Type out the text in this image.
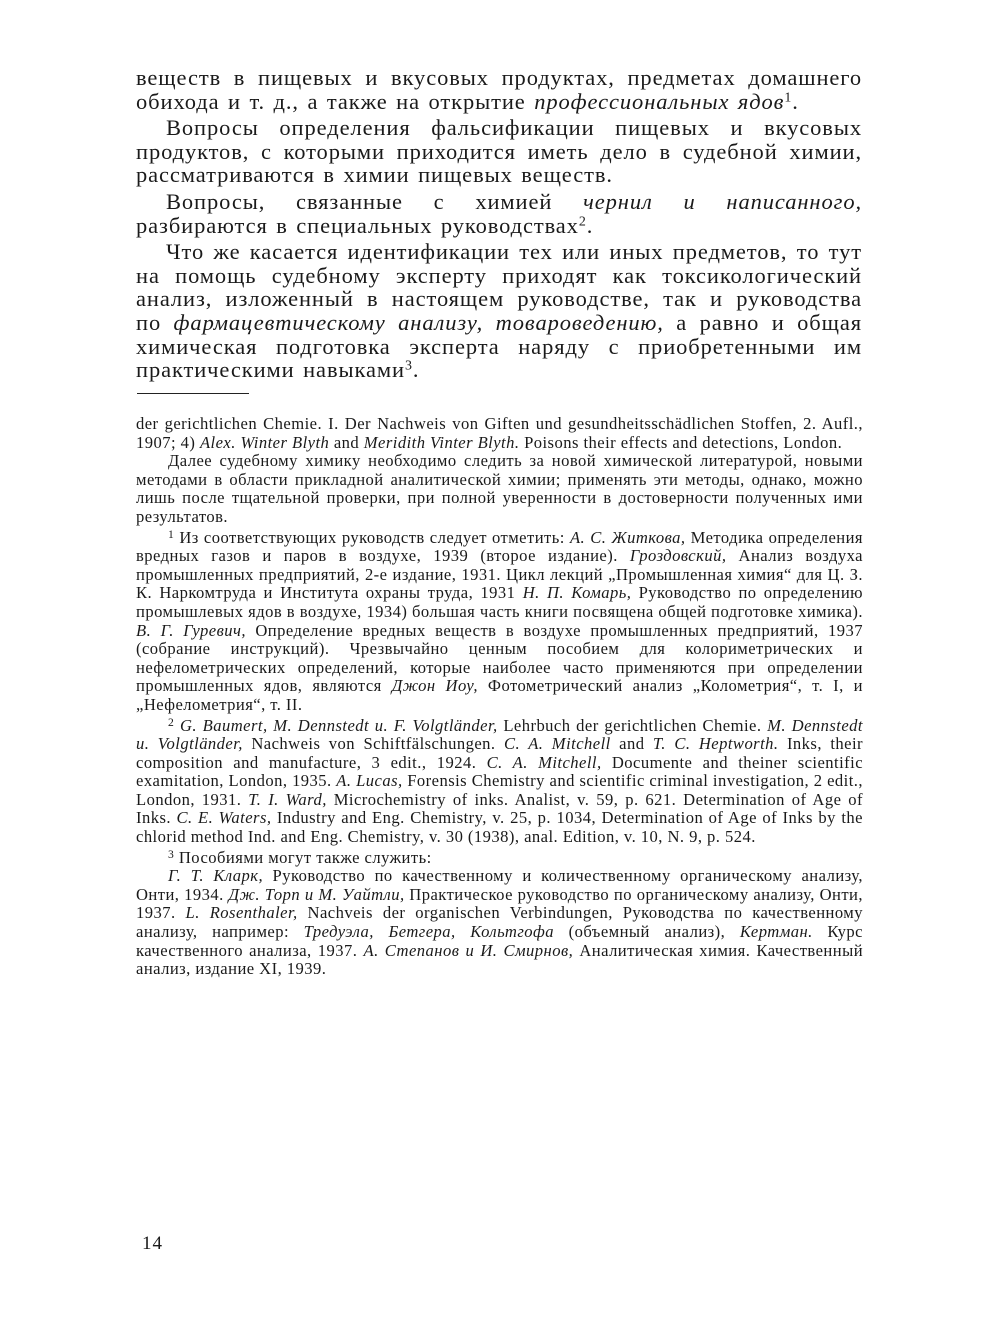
веществ в пищевых и вкусовых продуктах, предметах домашнего обихода и т. д., а также на открытие профессиональных ядов$^1$.

Вопросы определения фальсификации пищевых и вкусовых продуктов, с которыми приходится иметь дело в судебной химии, рассматриваются в химии пищевых веществ.

Вопросы, связанные с химией чернил и написанного, разбираются в специальных руководствах$^2$.

Что же касается идентификации тех или иных предметов, то тут на помощь судебному эксперту приходят как токсикологический анализ, изложенный в настоящем руководстве, так и руководства по фармацевтическому анализу, товароведению, а равно и общая химическая подготовка эксперта наряду с приобретенными им практическими навыками$^3$.

der gerichtlichen Chemie. I. Der Nachweis von Giften und gesundheitsschädlichen Stoffen, 2. Aufl., 1907; 4) Alex. Winter Blyth and Meridith Vinter Blyth. Poisons their effects and detections, London.

Далее судебному химику необходимо следить за новой химической литературой, новыми методами в области прикладной аналитической химии; применять эти методы, однако, можно лишь после тщательной проверки, при полной уверенности в достоверности полученных ими результатов.

$^1$ Из соответствующих руководств следует отметить: А. С. Житкова, Методика определения вредных газов и паров в воздухе, 1939 (второе издание). Гроздовский, Анализ воздуха промышленных предприятий, 2-е издание, 1931. Цикл лекций „Промышленная химия“ для Ц. З. К. Наркомтруда и Института охраны труда, 1931 Н. П. Комарь, Руководство по определению промышлевых ядов в воздухе, 1934) большая часть книги посвящена общей подготовке химика). В. Г. Гуревич, Определение вредных веществ в воздухе промышленных предприятий, 1937 (собрание инструкций). Чрезвычайно ценным пособием для колориметрических и нефелометрических определений, которые наиболее часто применяются при определении промышленных ядов, являются Джон Иоу, Фотометрический анализ „Колометрия“, т. I, и „Нефелометрия“, т. II.

$^2$ G. Baumert, M. Dennstedt u. F. Volgtländer, Lehrbuch der gerichtlichen Chemie. M. Dennstedt u. Volgtländer, Nachweis von Schiftfälschungen. C. A. Mitchell and T. C. Heptworth. Inks, their composition and manufacture, 3 edit., 1924. C. A. Mitchell, Documente and theiner scientific examitation, London, 1935. A. Lucas, Forensis Chemistry and scientific criminal investigation, 2 edit., London, 1931. T. I. Ward, Microchemistry of inks. Analist, v. 59, p. 621. Determination of Age of Inks. C. E. Waters, Industry and Eng. Chemistry, v. 25, p. 1034, Determination of Age of Inks by the chlorid method Ind. and Eng. Chemistry, v. 30 (1938), anal. Edition, v. 10, N. 9, p. 524.

$^3$ Пособиями могут также служить:

Г. Т. Кларк, Руководство по качественному и количественному органическому анализу, Онти, 1934. Дж. Торп и М. Уайтли, Практическое руководство по органическому анализу, Онти, 1937. L. Rosenthaler, Nachveis der organischen Verbindungen, Руководства по качественному анализу, например: Тредуэла, Бетгера, Кольтгофа (объемный анализ), Кертман. Курс качественного анализа, 1937. А. Степанов и И. Смирнов, Аналитическая химия. Качественный анализ, издание XI, 1939.

14
